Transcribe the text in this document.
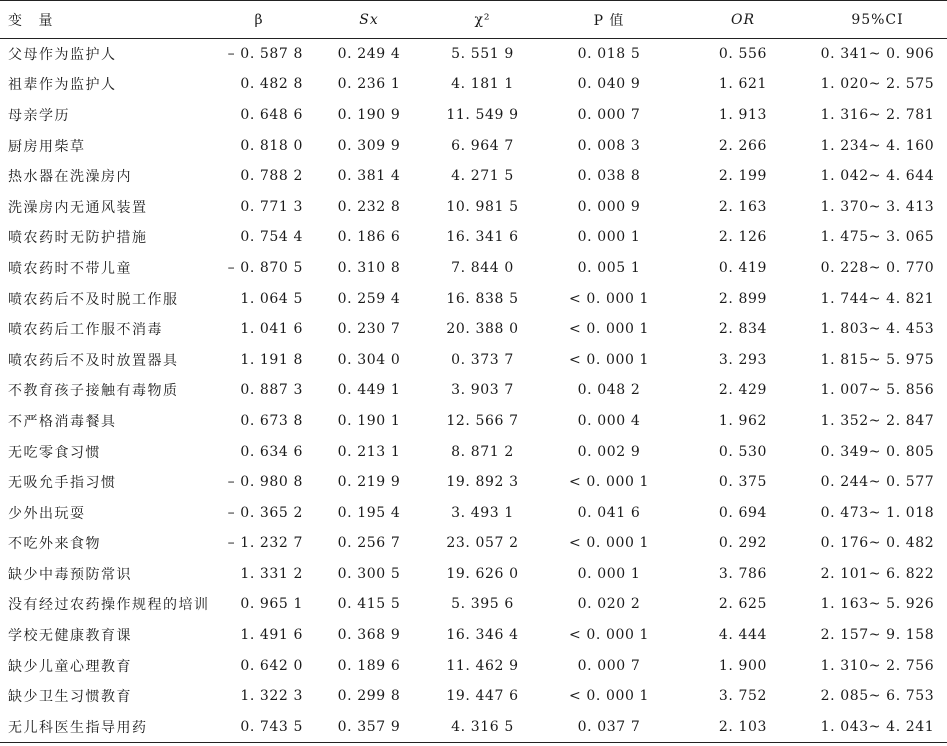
变 量	β	Sx	χ²	P 值	OR	95%CI
父母作为监护人	– 0. 587 8	0. 249 4	5. 551 9	0. 018 5	0. 556	0. 341~ 0. 906
祖辈作为监护人	0. 482 8	0. 236 1	4. 181 1	0. 040 9	1. 621	1. 020~ 2. 575
母亲学历	0. 648 6	0. 190 9	11. 549 9	0. 000 7	1. 913	1. 316~ 2. 781
厨房用柴草	0. 818 0	0. 309 9	6. 964 7	0. 008 3	2. 266	1. 234~ 4. 160
热水器在洗澡房内	0. 788 2	0. 381 4	4. 271 5	0. 038 8	2. 199	1. 042~ 4. 644
洗澡房内无通风装置	0. 771 3	0. 232 8	10. 981 5	0. 000 9	2. 163	1. 370~ 3. 413
喷农药时无防护措施	0. 754 4	0. 186 6	16. 341 6	0. 000 1	2. 126	1. 475~ 3. 065
喷农药时不带儿童	– 0. 870 5	0. 310 8	7. 844 0	0. 005 1	0. 419	0. 228~ 0. 770
喷农药后不及时脱工作服	1. 064 5	0. 259 4	16. 838 5	< 0. 000 1	2. 899	1. 744~ 4. 821
喷农药后工作服不消毒	1. 041 6	0. 230 7	20. 388 0	< 0. 000 1	2. 834	1. 803~ 4. 453
喷农药后不及时放置器具	1. 191 8	0. 304 0	0. 373 7	< 0. 000 1	3. 293	1. 815~ 5. 975
不教育孩子接触有毒物质	0. 887 3	0. 449 1	3. 903 7	0. 048 2	2. 429	1. 007~ 5. 856
不严格消毒餐具	0. 673 8	0. 190 1	12. 566 7	0. 000 4	1. 962	1. 352~ 2. 847
无吃零食习惯	0. 634 6	0. 213 1	8. 871 2	0. 002 9	0. 530	0. 349~ 0. 805
无吸允手指习惯	– 0. 980 8	0. 219 9	19. 892 3	< 0. 000 1	0. 375	0. 244~ 0. 577
少外出玩耍	– 0. 365 2	0. 195 4	3. 493 1	0. 041 6	0. 694	0. 473~ 1. 018
不吃外来食物	– 1. 232 7	0. 256 7	23. 057 2	< 0. 000 1	0. 292	0. 176~ 0. 482
缺少中毒预防常识	1. 331 2	0. 300 5	19. 626 0	0. 000 1	3. 786	2. 101~ 6. 822
没有经过农药操作规程的培训	0. 965 1	0. 415 5	5. 395 6	0. 020 2	2. 625	1. 163~ 5. 926
学校无健康教育课	1. 491 6	0. 368 9	16. 346 4	< 0. 000 1	4. 444	2. 157~ 9. 158
缺少儿童心理教育	0. 642 0	0. 189 6	11. 462 9	0. 000 7	1. 900	1. 310~ 2. 756
缺少卫生习惯教育	1. 322 3	0. 299 8	19. 447 6	< 0. 000 1	3. 752	2. 085~ 6. 753
无儿科医生指导用药	0. 743 5	0. 357 9	4. 316 5	0. 037 7	2. 103	1. 043~ 4. 241
